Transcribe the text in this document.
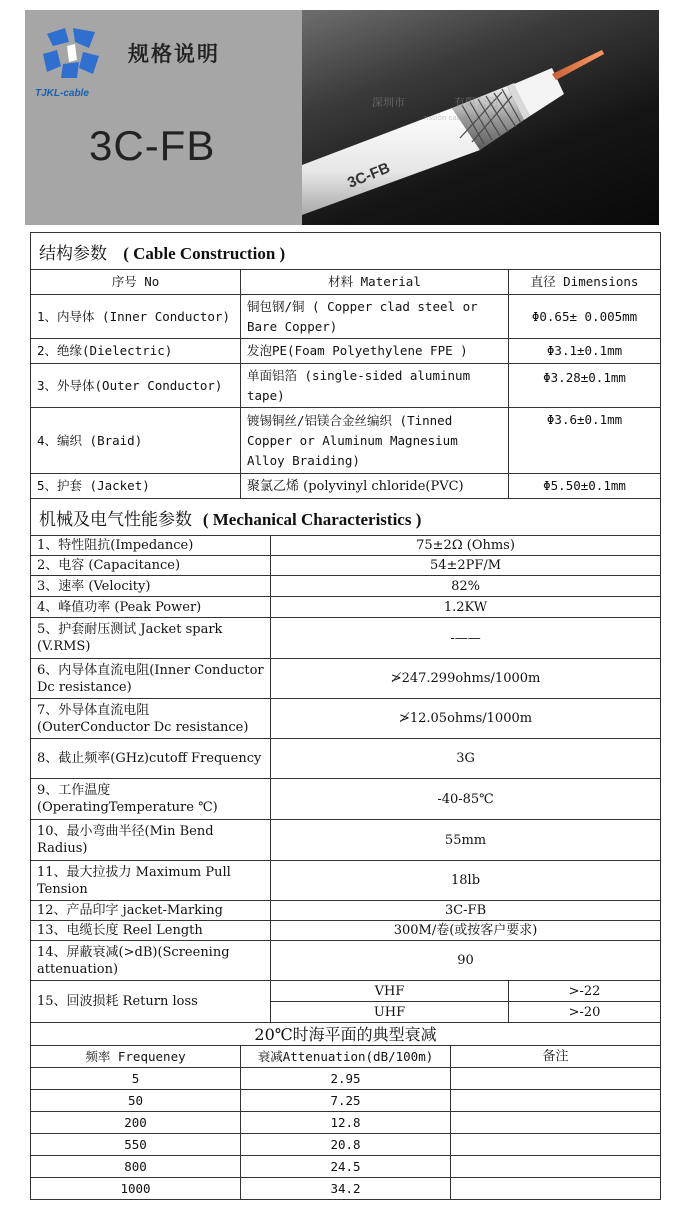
TJKL-cable
规格说明
3C-FB
3C-FB
深圳市	有限公司
nssion cable co., LTD
结构参数 ( Cable Construction )				
序号 No	材料 Material			直径 Dimensions
1、内导体 (Inner Conductor)	铜包钢/铜 ( Copper clad steel or Bare Copper)			Φ0.65± 0.005mm
2、绝缘(Dielectric)	发泡PE(Foam Polyethylene FPE )			Φ3.1±0.1mm
3、外导体(Outer Conductor)	单面铝箔 (single-sided aluminum tape)			Φ3.28±0.1mm
4、编织 (Braid)	镀锡铜丝/铝镁合金丝编织 (Tinned Copper or Aluminum Magnesium Alloy Braiding)			Φ3.6±0.1mm
5、护套 (Jacket)	聚氯乙烯 (polyvinyl chloride(PVC)			Φ5.50±0.1mm
机械及电气性能参数 ( Mechanical Characteristics )				
1、特性阻抗(Impedance)		75±2Ω (Ohms)		
2、电容 (Capacitance)		54±2PF/M		
3、速率 (Velocity)		82%		
4、峰值功率 (Peak Power)		1.2KW		
5、护套耐压测试 Jacket spark (V.RMS)		-——		
6、内导体直流电阻(Inner Conductor Dc resistance)		≯247.299ohms/1000m		
7、外导体直流电阻 (OuterConductor Dc resistance)		≯12.05ohms/1000m		
8、截止频率(GHz)cutoff Frequency		3G		
9、工作温度 (OperatingTemperature ℃)		-40-85℃		
10、最小弯曲半径(Min Bend Radius)		55mm		
11、最大拉拔力 Maximum Pull Tension		18lb		
12、产品印字 jacket-Marking		3C-FB		
13、电缆长度 Reel Length		300M/卷(或按客户要求)		
14、屏蔽衰减(>dB)(Screening attenuation)		90		
15、回波损耗 Return loss		VHF		>-22
		UHF		>-20
20℃时海平面的典型衰减				
频率 Frequeney	衰减Attenuation(dB/100m)		备注	
5	2.95			
50	7.25			
200	12.8			
550	20.8			
800	24.5			
1000	34.2			
